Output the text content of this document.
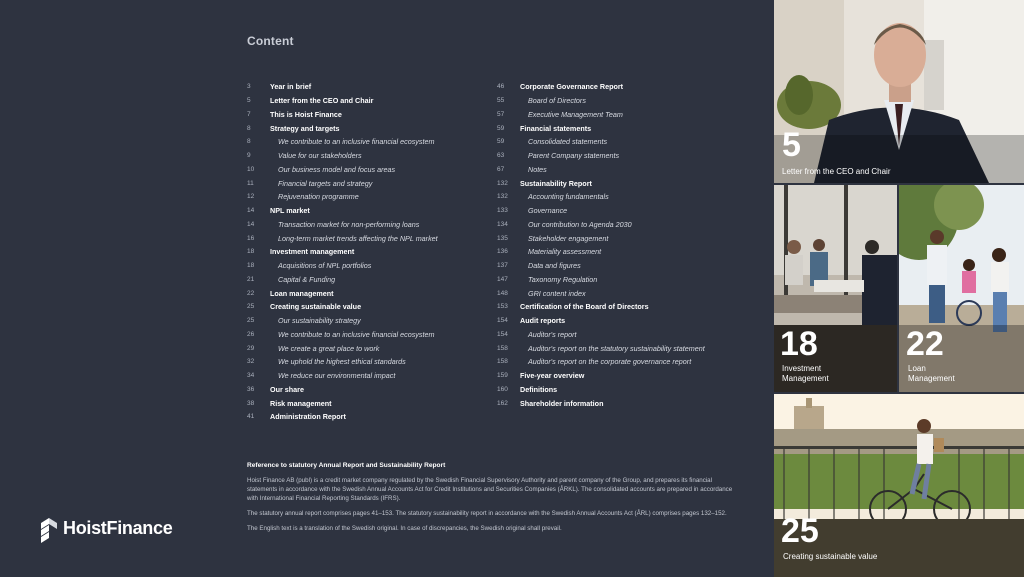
Content
3	Year in brief
5	Letter from the CEO and Chair
7	This is Hoist Finance
8	Strategy and targets
8	We contribute to an inclusive financial ecosystem
9	Value for our stakeholders
10	Our business model and focus areas
11	Financial targets and strategy
12	Rejuvenation programme
14	NPL market
14	Transaction market for non-performing loans
16	Long-term market trends affecting the NPL market
18	Investment management
18	Acquisitions of NPL portfolios
21	Capital & Funding
22	Loan management
25	Creating sustainable value
25	Our sustainability strategy
26	We contribute to an inclusive financial ecosystem
29	We create a great place to work
32	We uphold the highest ethical standards
34	We reduce our environmental impact
36	Our share
38	Risk management
41	Administration Report
46	Corporate Governance Report
55	Board of Directors
57	Executive Management Team
59	Financial statements
59	Consolidated statements
63	Parent Company statements
67	Notes
132	Sustainability Report
132	Accounting fundamentals
133	Governance
134	Our contribution to Agenda 2030
135	Stakeholder engagement
136	Materiality assessment
137	Data and figures
147	Taxonomy Regulation
148	GRI content index
153	Certification of the Board of Directors
154	Audit reports
154	Auditor's report
158	Auditor's report on the statutory sustainability statement
158	Auditor's report on the corporate governance report
159	Five-year overview
160	Definitions
162	Shareholder information
Reference to statutory Annual Report and Sustainability Report
Hoist Finance AB (publ) is a credit market company regulated by the Swedish Financial Supervisory Authority and parent company of the Group, and prepares its financial statements in accordance with the Swedish Annual Accounts Act for Credit Institutions and Securities Companies (ÅRKL). The consolidated accounts are prepared in accordance with International Financial Reporting Standards (IFRS).
The statutory annual report comprises pages 41–153. The statutory sustainability report in accordance with the Swedish Annual Accounts Act (ÅRL) comprises pages 132–152.
The English text is a translation of the Swedish original. In case of discrepancies, the Swedish original shall prevail.
HoistFinance
5
Letter from the CEO and Chair
18
Investment
Management
22
Loan
Management
25
Creating sustainable value
